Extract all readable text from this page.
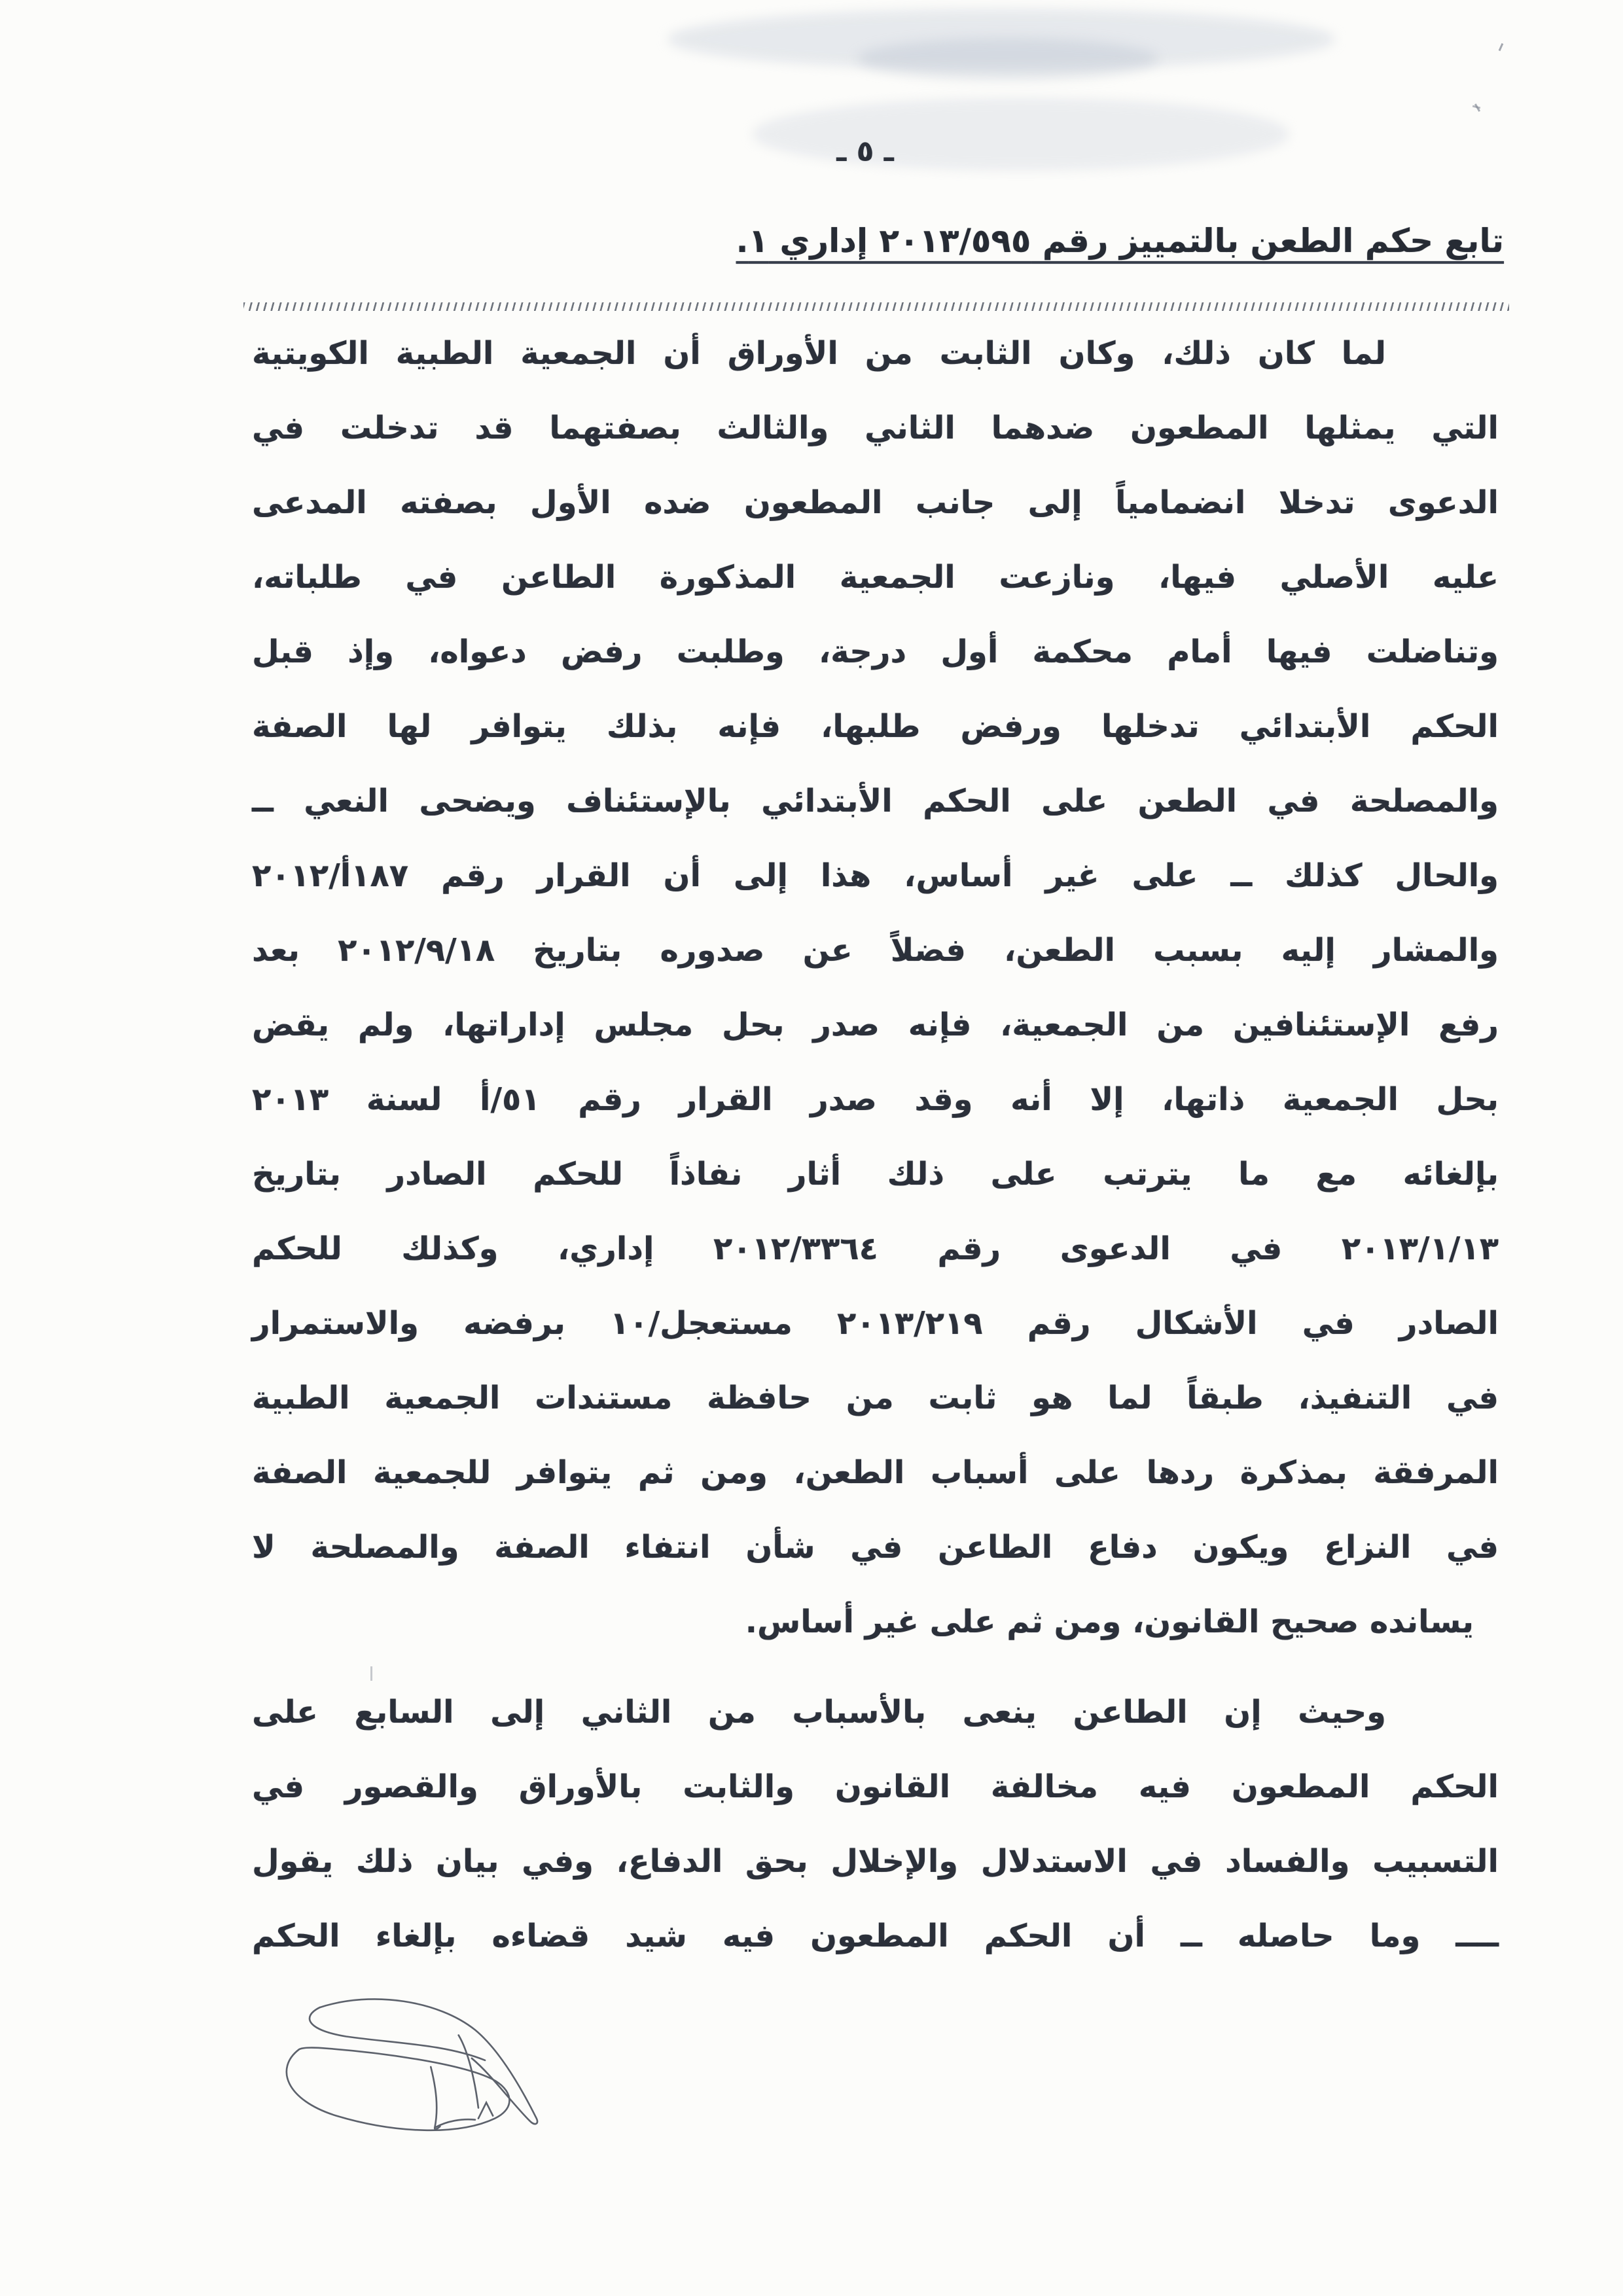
ـ ٥ ـ
تابع حكم الطعن بالتمييز رقم ٢٠١٣/٥٩٥ إداري ١.
لما كان ذلك، وكان الثابت من الأوراق أن الجمعية الطبية الكويتية
التي يمثلها المطعون ضدهما الثاني والثالث بصفتهما قد تدخلت في
الدعوى تدخلا انضمامياً إلى جانب المطعون ضده الأول بصفته المدعى
عليه الأصلي فيها، ونازعت الجمعية المذكورة الطاعن في طلباته،
وتناضلت فيها أمام محكمة أول درجة، وطلبت رفض دعواه، وإذ قبل
الحكم الأبتدائي تدخلها ورفض طلبها، فإنه بذلك يتوافر لها الصفة
والمصلحة في الطعن على الحكم الأبتدائي بالإستئناف ويضحى النعي ــ
والحال كذلك ــ على غير أساس، هذا إلى أن القرار رقم ١٨٧أ/٢٠١٢
والمشار إليه بسبب الطعن، فضلاً عن صدوره بتاريخ ٢٠١٢/٩/١٨ بعد
رفع الإستئنافين من الجمعية، فإنه صدر بحل مجلس إداراتها، ولم يقض
بحل الجمعية ذاتها، إلا أنه وقد صدر القرار رقم ٥١/أ لسنة ٢٠١٣
بإلغائه مع ما يترتب على ذلك أثار نفاذاً للحكم الصادر بتاريخ
٢٠١٣/١/١٣ في الدعوى رقم ٢٠١٢/٣٣٦٤ إداري، وكذلك للحكم
الصادر في الأشكال رقم ٢٠١٣/٢١٩ مستعجل/١٠ برفضه والاستمرار
في التنفيذ، طبقاً لما هو ثابت من حافظة مستندات الجمعية الطبية
المرفقة بمذكرة ردها على أسباب الطعن، ومن ثم يتوافر للجمعية الصفة
في النزاع ويكون دفاع الطاعن في شأن انتفاء الصفة والمصلحة لا
يسانده صحيح القانون، ومن ثم على غير أساس.
وحيث إن الطاعن ينعى بالأسباب من الثاني إلى السابع على
الحكم المطعون فيه مخالفة القانون والثابت بالأوراق والقصور في
التسبيب والفساد في الاستدلال والإخلال بحق الدفاع، وفي بيان ذلك يقول
ــــ وما حاصله ــ أن الحكم المطعون فيه شيد قضاءه بإلغاء الحكم
